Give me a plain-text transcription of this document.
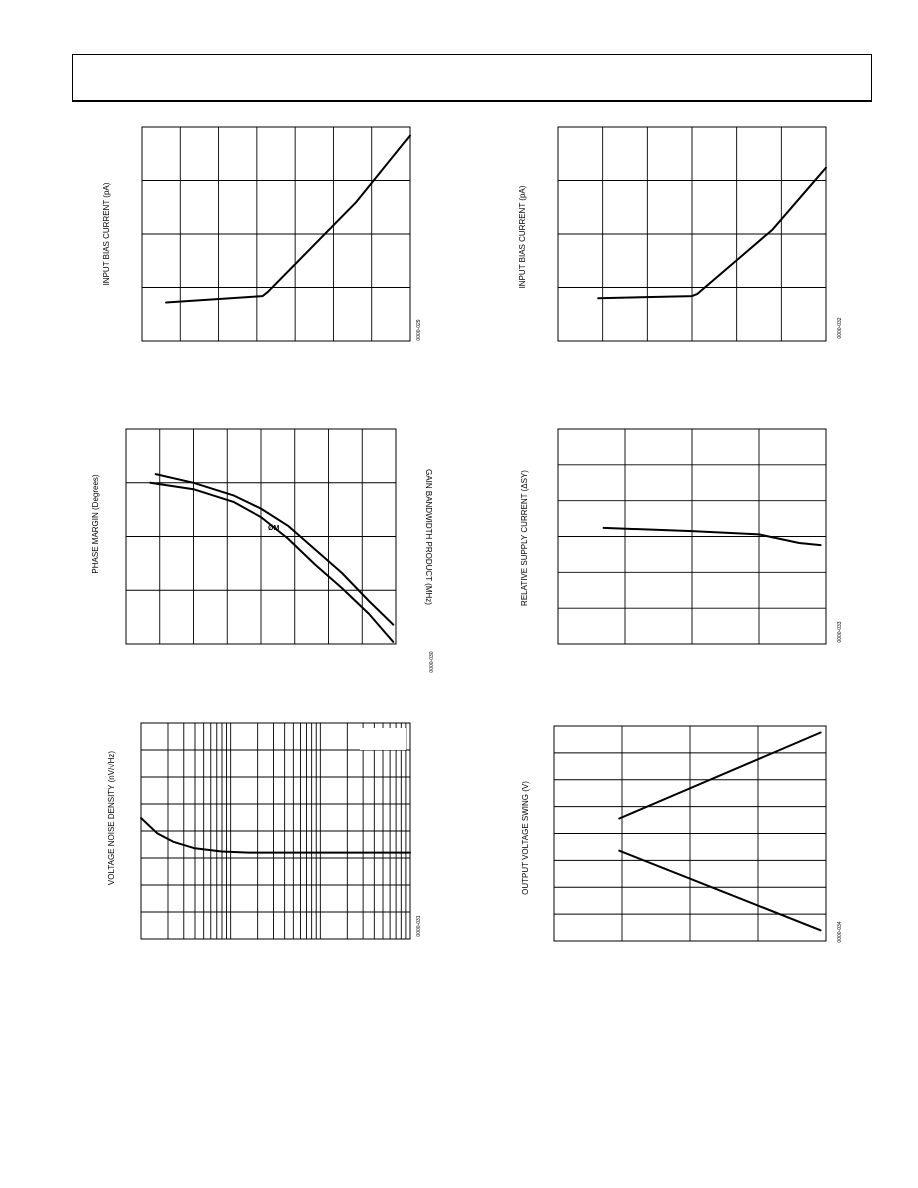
INPUT BIAS CURRENT (pA)
0000-029
INPUT BIAS CURRENT (pA)
0000-032
PHASE MARGIN (Degrees)	GAIN BANDWIDTH PRODUCT (MHz)
ØM
0000-030
RELATIVE SUPPLY CURRENT (ΔSY)
0000-033
VOLTAGE NOISE DENSITY (nV/√Hz)
0000-031
OUTPUT VOLTAGE SWING (V)
0000-034
